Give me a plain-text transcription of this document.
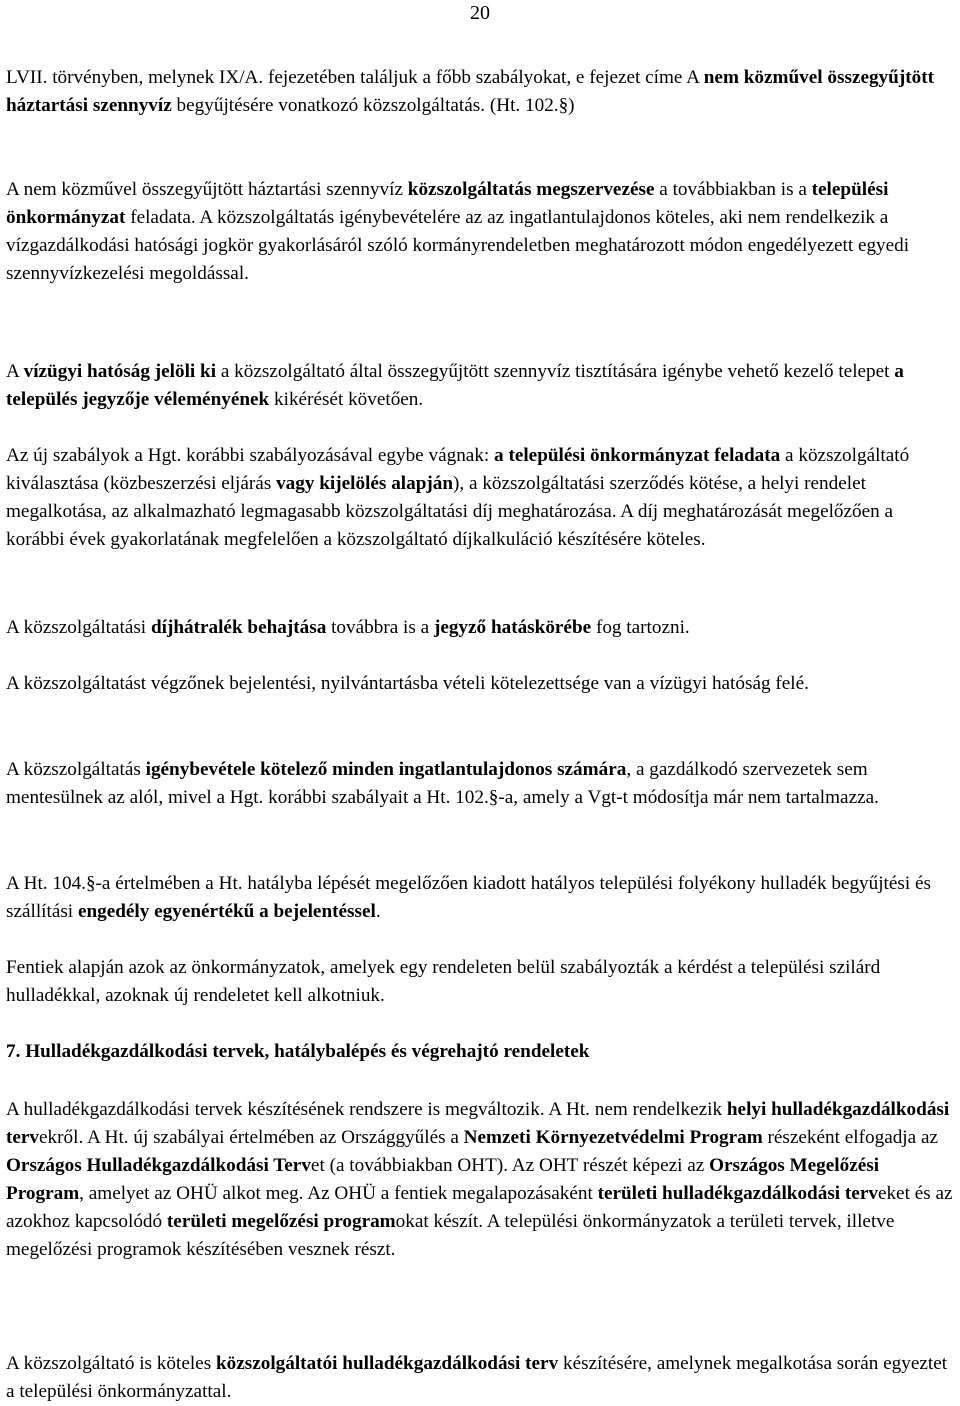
20

LVII. törvényben, melynek IX/A. fejezetében találjuk a főbb szabályokat, e fejezet címe A nem közművel összegyűjtött háztartási szennyvíz begyűjtésére vonatkozó közszolgáltatás. (Ht. 102.§)

A nem közművel összegyűjtött háztartási szennyvíz közszolgáltatás megszervezése a továbbiakban is a települési önkormányzat feladata. A közszolgáltatás igénybevételére az az ingatlantulajdonos köteles, aki nem rendelkezik a vízgazdálkodási hatósági jogkör gyakorlásáról szóló kormányrendeletben meghatározott módon engedélyezett egyedi szennyvízkezelési megoldással.

A vízügyi hatóság jelöli ki a közszolgáltató által összegyűjtött szennyvíz tisztítására igénybe vehető kezelő telepet a település jegyzője véleményének kikérését követően.

Az új szabályok a Hgt. korábbi szabályozásával egybe vágnak: a települési önkormányzat feladata a közszolgáltató kiválasztása (közbeszerzési eljárás vagy kijelölés alapján), a közszolgáltatási szerződés kötése, a helyi rendelet megalkotása, az alkalmazható legmagasabb közszolgáltatási díj meghatározása. A díj meghatározását megelőzően a korábbi évek gyakorlatának megfelelően a közszolgáltató díjkalkuláció készítésére köteles.

A közszolgáltatási díjhátralék behajtása továbbra is a jegyző hatáskörébe fog tartozni.

A közszolgáltatást végzőnek bejelentési, nyilvántartásba vételi kötelezettsége van a vízügyi hatóság felé.

A közszolgáltatás igénybevétele kötelező minden ingatlantulajdonos számára, a gazdálkodó szervezetek sem mentesülnek az alól, mivel a Hgt. korábbi szabályait a Ht. 102.§-a, amely a Vgt-t módosítja már nem tartalmazza.

A Ht. 104.§-a értelmében a Ht. hatályba lépését megelőzően kiadott hatályos települési folyékony hulladék begyűjtési és szállítási engedély egyenértékű a bejelentéssel.

Fentiek alapján azok az önkormányzatok, amelyek egy rendeleten belül szabályozták a kérdést a települési szilárd hulladékkal, azoknak új rendeletet kell alkotniuk.

7. Hulladékgazdálkodási tervek, hatálybalépés és végrehajtó rendeletek

A hulladékgazdálkodási tervek készítésének rendszere is megváltozik. A Ht. nem rendelkezik helyi hulladékgazdálkodási tervekről. A Ht. új szabályai értelmében az Országgyűlés a Nemzeti Környezetvédelmi Program részeként elfogadja az Országos Hulladékgazdálkodási Tervet (a továbbiakban OHT). Az OHT részét képezi az Országos Megelőzési Program, amelyet az OHÜ alkot meg. Az OHÜ a fentiek megalapozásaként területi hulladékgazdálkodási terveket és az azokhoz kapcsolódó területi megelőzési programokat készít. A települési önkormányzatok a területi tervek, illetve megelőzési programok készítésében vesznek részt.

A közszolgáltató is köteles közszolgáltatói hulladékgazdálkodási terv készítésére, amelynek megalkotása során egyeztet a települési önkormányzattal.
